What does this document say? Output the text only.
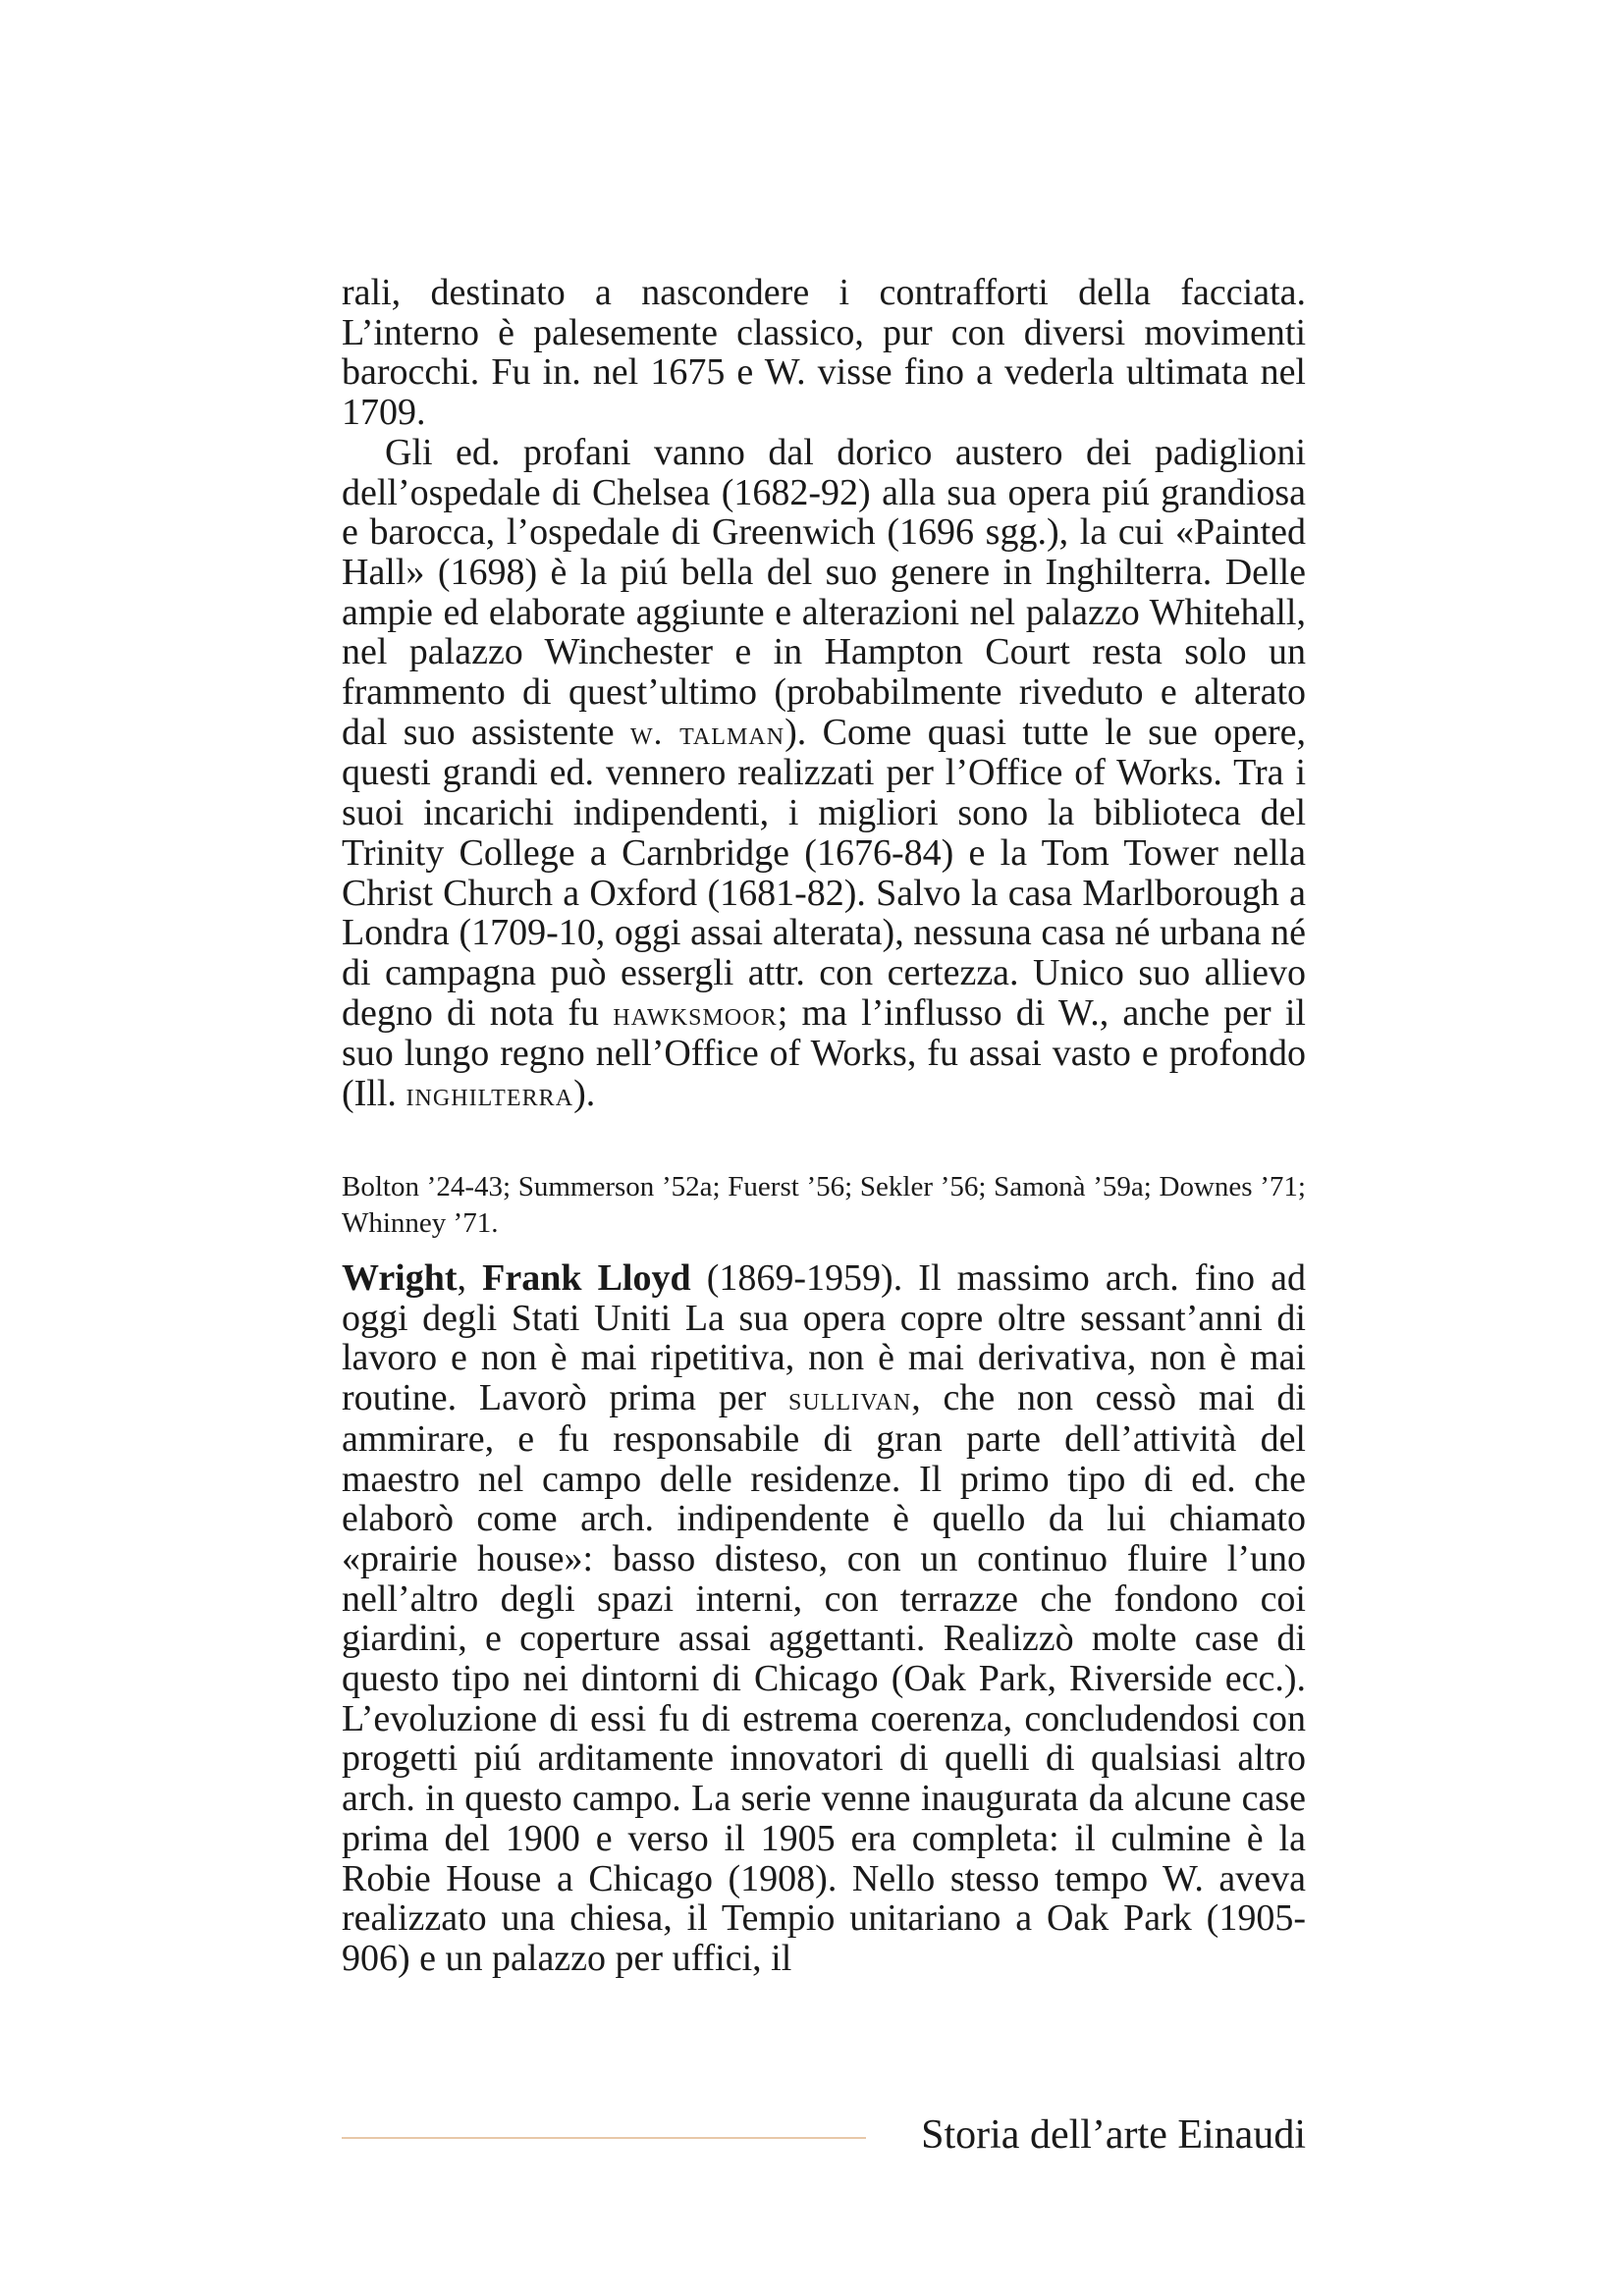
rali, destinato a nascondere i contrafforti della facciata. L’interno è palesemente classico, pur con diversi movimenti barocchi. Fu in. nel 1675 e W. visse fino a vederla ultimata nel 1709.

Gli ed. profani vanno dal dorico austero dei padiglioni dell’ospedale di Chelsea (1682-92) alla sua opera piú grandiosa e barocca, l’ospedale di Greenwich (1696 sgg.), la cui «Painted Hall» (1698) è la piú bella del suo genere in Inghilterra. Delle ampie ed elaborate aggiunte e alterazioni nel palazzo Whitehall, nel palazzo Winchester e in Hampton Court resta solo un frammento di quest’ultimo (probabilmente riveduto e alterato dal suo assistente w. talman). Come quasi tutte le sue opere, questi grandi ed. vennero realizzati per l’Office of Works. Tra i suoi incarichi indipendenti, i migliori sono la biblioteca del Trinity College a Carnbridge (1676-84) e la Tom Tower nella Christ Church a Oxford (1681-82). Salvo la casa Marlborough a Londra (1709-10, oggi assai alterata), nessuna casa né urbana né di campagna può essergli attr. con certezza. Unico suo allievo degno di nota fu hawksmoor; ma l’influsso di W., anche per il suo lungo regno nell’Office of Works, fu assai vasto e profondo (Ill. inghilterra).

Bolton ’24-43; Summerson ’52a; Fuerst ’56; Sekler ’56; Samonà ’59a; Downes ’71; Whinney ’71.

Wright, Frank Lloyd (1869-1959). Il massimo arch. fino ad oggi degli Stati Uniti La sua opera copre oltre sessant’anni di lavoro e non è mai ripetitiva, non è mai derivativa, non è mai routine. Lavorò prima per sullivan, che non cessò mai di ammirare, e fu responsabile di gran parte dell’attività del maestro nel campo delle residenze. Il primo tipo di ed. che elaborò come arch. indipendente è quello da lui chiamato «prairie house»: basso disteso, con un continuo fluire l’uno nell’altro degli spazi interni, con terrazze che fondono coi giardini, e coperture assai aggettanti. Realizzò molte case di questo tipo nei dintorni di Chicago (Oak Park, Riverside ecc.). L’evoluzione di essi fu di estrema coerenza, concludendosi con progetti piú arditamente innovatori di quelli di qualsiasi altro arch. in questo campo. La serie venne inaugurata da alcune case prima del 1900 e verso il 1905 era completa: il culmine è la Robie House a Chicago (1908). Nello stesso tempo W. aveva realizzato una chiesa, il Tempio unitariano a Oak Park (1905-906) e un palazzo per uffici, il

Storia dell’arte Einaudi
